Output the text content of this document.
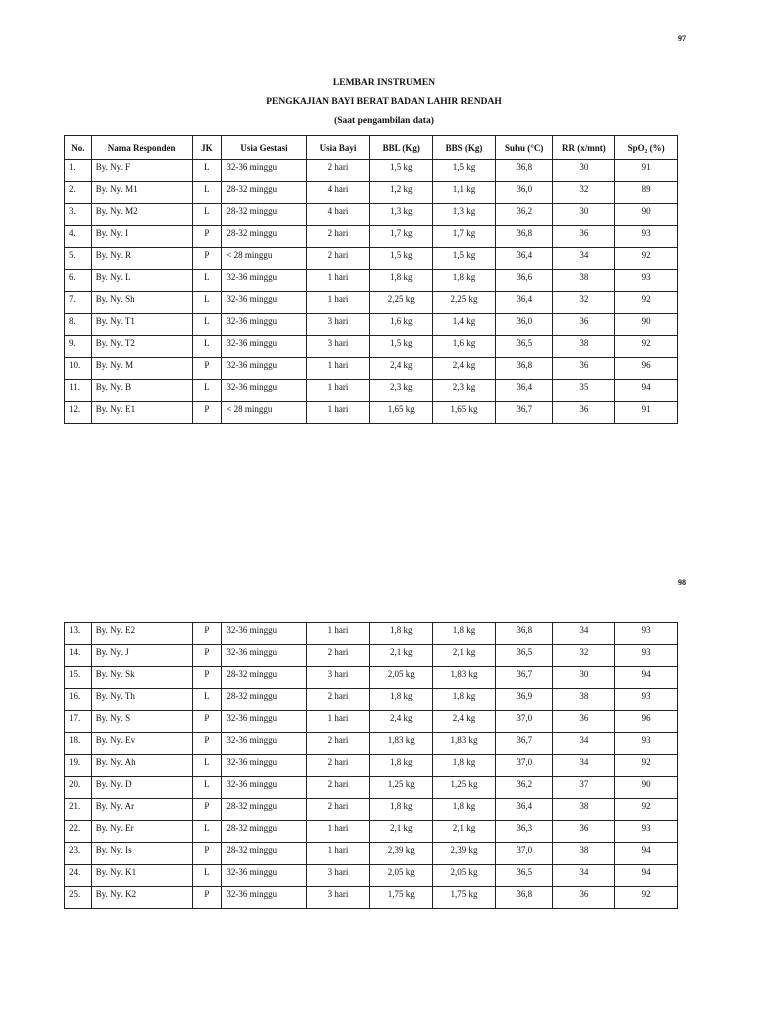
97
LEMBAR INSTRUMEN
PENGKAJIAN BAYI BERAT BADAN LAHIR RENDAH
(Saat pengambilan data)
No.	Nama Responden	JK	Usia Gestasi	Usia Bayi	BBL (Kg)	BBS (Kg)	Suhu (°C)	RR (x/mnt)	SpO₂ (%)
1.	By. Ny. F	L	32-36 minggu	2 hari	1,5 kg	1,5 kg	36,8	30	91
2.	By. Ny. M1	L	28-32 minggu	4 hari	1,2 kg	1,1 kg	36,0	32	89
3.	By. Ny. M2	L	28-32 minggu	4 hari	1,3 kg	1,3 kg	36,2	30	90
4.	By. Ny. I	P	28-32 minggu	2 hari	1,7 kg	1,7 kg	36,8	36	93
5.	By. Ny. R	P	< 28 minggu	2 hari	1,5 kg	1,5 kg	36,4	34	92
6.	By. Ny. L	L	32-36 minggu	1 hari	1,8 kg	1,8 kg	36,6	38	93
7.	By. Ny. Sh	L	32-36 minggu	1 hari	2,25 kg	2,25 kg	36,4	32	92
8.	By. Ny. T1	L	32-36 minggu	3 hari	1,6 kg	1,4 kg	36,0	36	90
9.	By. Ny. T2	L	32-36 minggu	3 hari	1,5 kg	1,6 kg	36,5	38	92
10.	By. Ny. M	P	32-36 minggu	1 hari	2,4 kg	2,4 kg	36,8	36	96
11.	By. Ny. B	L	32-36 minggu	1 hari	2,3 kg	2,3 kg	36,4	35	94
12.	By. Ny. E1	P	< 28 minggu	1 hari	1,65 kg	1,65 kg	36,7	36	91
98
13.	By. Ny. E2	P	32-36 minggu	1 hari	1,8 kg	1,8 kg	36,8	34	93
14.	By. Ny. J	P	32-36 minggu	2 hari	2,1 kg	2,1 kg	36,5	32	93
15.	By. Ny. Sk	P	28-32 minggu	3 hari	2,05 kg	1,83 kg	36,7	30	94
16.	By. Ny. Th	L	28-32 minggu	2 hari	1,8 kg	1,8 kg	36,9	38	93
17.	By. Ny. S	P	32-36 minggu	1 hari	2,4 kg	2,4 kg	37,0	36	96
18.	By. Ny. Ev	P	32-36 minggu	2 hari	1,83 kg	1,83 kg	36,7	34	93
19.	By. Ny. Ah	L	32-36 minggu	2 hari	1,8 kg	1,8 kg	37,0	34	92
20.	By. Ny. D	L	32-36 minggu	2 hari	1,25 kg	1,25 kg	36,2	37	90
21.	By. Ny. Ar	P	28-32 minggu	2 hari	1,8 kg	1,8 kg	36,4	38	92
22.	By. Ny. Er	L	28-32 minggu	1 hari	2,1 kg	2,1 kg	36,3	36	93
23.	By. Ny. Is	P	28-32 minggu	1 hari	2,39 kg	2,39 kg	37,0	38	94
24.	By. Ny. K1	L	32-36 minggu	3 hari	2,05 kg	2,05 kg	36,5	34	94
25.	By. Ny. K2	P	32-36 minggu	3 hari	1,75 kg	1,75 kg	36,8	36	92
